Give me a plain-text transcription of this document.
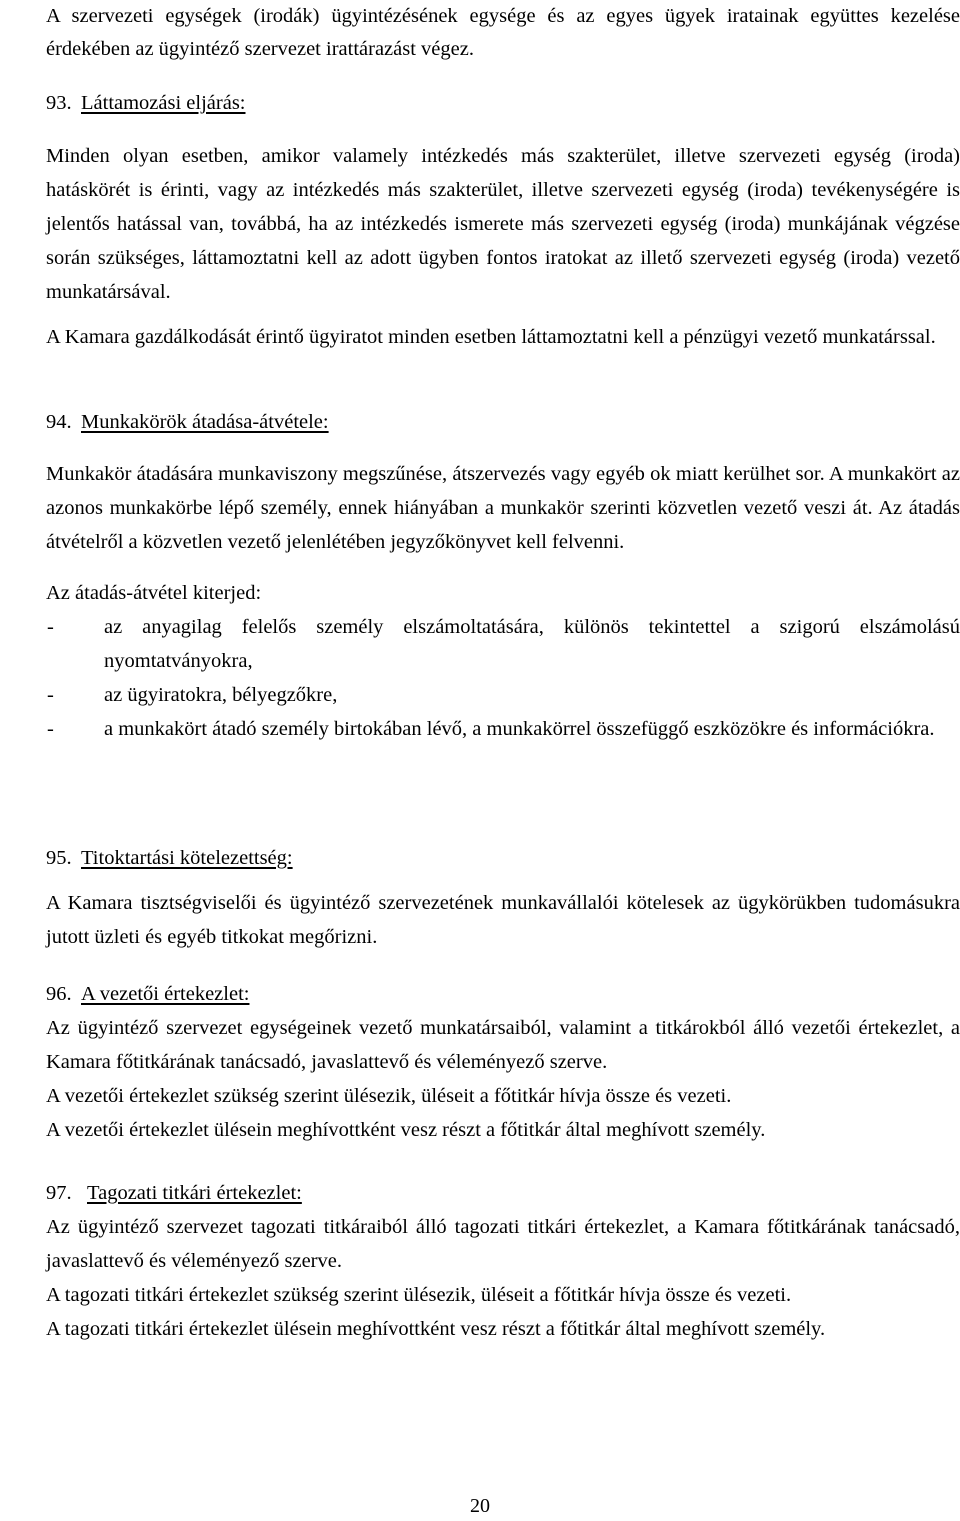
A szervezeti egységek (irodák) ügyintézésének egysége és az egyes ügyek iratainak együttes kezelése érdekében az ügyintéző szervezet irattárazást végez.

93. Láttamozási eljárás:

Minden olyan esetben, amikor valamely intézkedés más szakterület, illetve szervezeti egység (iroda) hatáskörét is érinti, vagy az intézkedés más szakterület, illetve szervezeti egység (iroda) tevékenységére is jelentős hatással van, továbbá, ha az intézkedés ismerete más szervezeti egység (iroda) munkájának végzése során szükséges, láttamoztatni kell az adott ügyben fontos iratokat az illető szervezeti egység (iroda) vezető munkatársával.

A Kamara gazdálkodását érintő ügyiratot minden esetben láttamoztatni kell a pénzügyi vezető munkatárssal.

94. Munkakörök átadása-átvétele:

Munkakör átadására munkaviszony megszűnése, átszervezés vagy egyéb ok miatt kerülhet sor. A munkakört az azonos munkakörbe lépő személy, ennek hiányában a munkakör szerinti közvetlen vezető veszi át. Az átadás átvételről a közvetlen vezető jelenlétében jegyzőkönyvet kell felvenni.

Az átadás-átvétel kiterjed:

- az anyagilag felelős személy elszámoltatására, különös tekintettel a szigorú elszámolású nyomtatványokra,
- az ügyiratokra, bélyegzőkre,
- a munkakört átadó személy birtokában lévő, a munkakörrel összefüggő eszközökre és információkra.

95. Titoktartási kötelezettség:

A Kamara tisztségviselői és ügyintéző szervezetének munkavállalói kötelesek az ügykörükben tudomásukra jutott üzleti és egyéb titkokat megőrizni.

96. A vezetői értekezlet:

Az ügyintéző szervezet egységeinek vezető munkatársaiból, valamint a titkárokból álló vezetői értekezlet, a Kamara főtitkárának tanácsadó, javaslattevő és véleményező szerve.

A vezetői értekezlet szükség szerint ülésezik, üléseit a főtitkár hívja össze és vezeti.

A vezetői értekezlet ülésein meghívottként vesz részt a főtitkár által meghívott személy.

97. Tagozati titkári értekezlet:

Az ügyintéző szervezet tagozati titkáraiból álló tagozati titkári értekezlet, a Kamara főtitkárának tanácsadó, javaslattevő és véleményező szerve.

A tagozati titkári értekezlet szükség szerint ülésezik, üléseit a főtitkár hívja össze és vezeti.

A tagozati titkári értekezlet ülésein meghívottként vesz részt a főtitkár által meghívott személy.

20
